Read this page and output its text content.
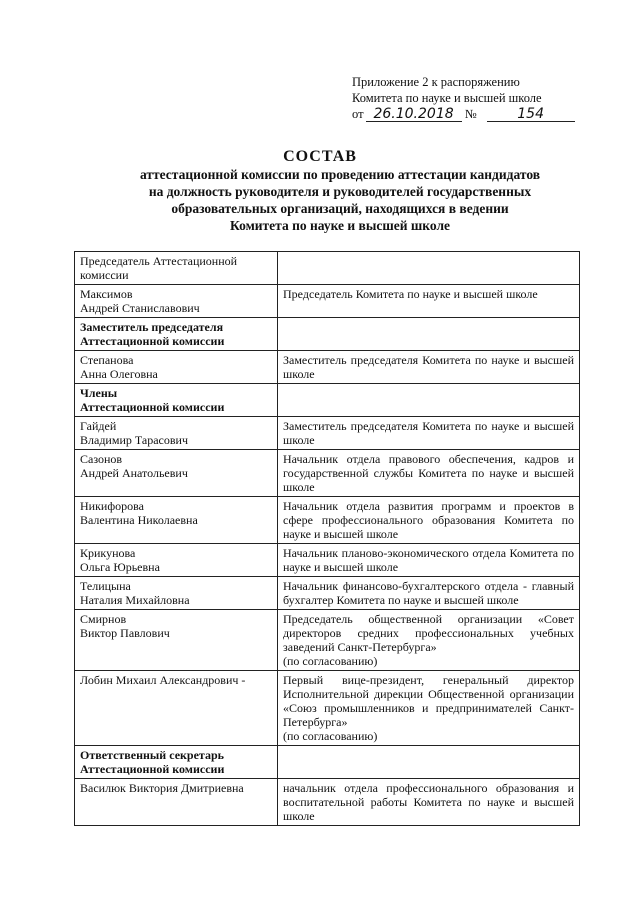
Приложение 2 к распоряжению
Комитета по науке и высшей школе
от 26.10.2018 №	154
СОСТАВ
аттестационной комиссии по проведению аттестации кандидатов
на должность руководителя и руководителей государственных
образовательных организаций, находящихся в ведении
Комитета по науке и высшей школе
Председатель Аттестационной комиссии	
Максимов
Андрей Станиславович	Председатель Комитета по науке и высшей школе
Заместитель председателя Аттестационной комиссии	
Степанова
Анна Олеговна	Заместитель председателя Комитета по науке и высшей школе
Члены
Аттестационной комиссии	
Гайдей
Владимир Тарасович	Заместитель председателя Комитета по науке и высшей школе
Сазонов
Андрей Анатольевич	Начальник отдела правового обеспечения, кадров и государственной службы Комитета по науке и высшей школе
Никифорова
Валентина Николаевна	Начальник отдела развития программ и проектов в сфере профессионального образования Комитета по науке и высшей школе
Крикунова
Ольга Юрьевна	Начальник планово-экономического отдела Комитета по науке и высшей школе
Телицына
Наталия Михайловна	Начальник финансово-бухгалтерского отдела - главный бухгалтер Комитета по науке и высшей школе
Смирнов
Виктор Павлович	Председатель общественной организации «Совет директоров средних профессиональных учебных заведений Санкт-Петербурга»
(по согласованию)
Лобин Михаил Александрович -	Первый вице-президент, генеральный директор Исполнительной дирекции Общественной организации «Союз промышленников и предпринимателей Санкт-Петербурга»
(по согласованию)
Ответственный секретарь Аттестационной комиссии	
Василюк Виктория Дмитриевна	начальник отдела профессионального образования и воспитательной работы Комитета по науке и высшей школе
